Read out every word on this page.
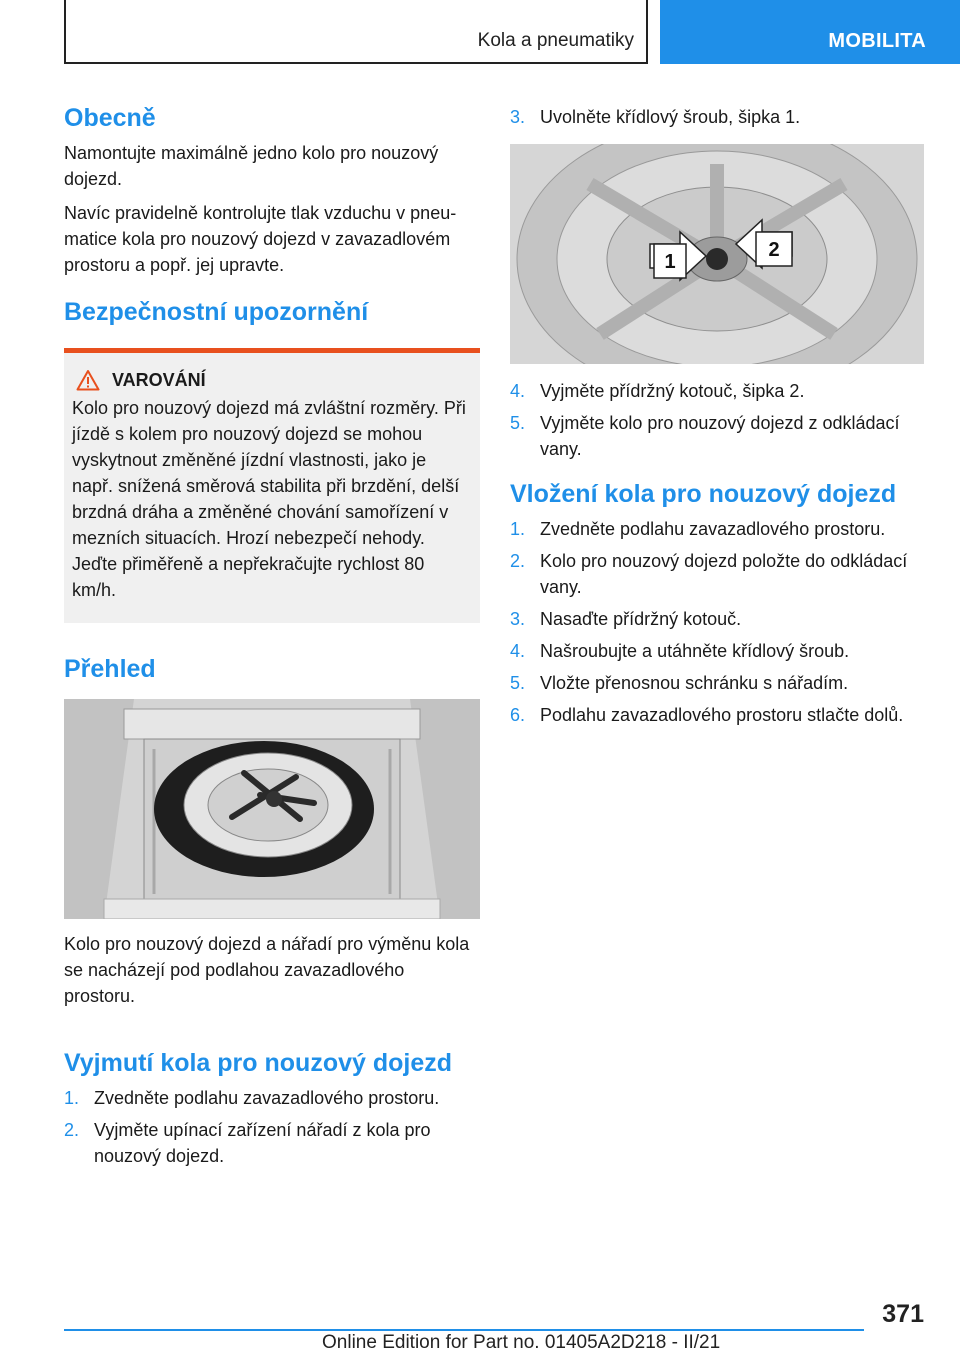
Kola a pneumatiky	MOBILITA
Obecně

Namontujte maximálně jedno kolo pro nouzový dojezd.

Navíc pravidelně kontrolujte tlak vzduchu v pneumatice kola pro nouzový dojezd v zavazadlovém prostoru a popř. jej upravte.

Bezpečnostní upozornění
VAROVÁNÍ

Kolo pro nouzový dojezd má zvláštní rozměry. Při jízdě s kolem pro nouzový dojezd se mohou vyskytnout změněné jízdní vlastnosti, jako je např. snížená směrová stabilita při brzdění, delší brzdná dráha a změněné chování samořízení v mezních situacích. Hrozí nebezpečí nehody. Jeďte přiměřeně a nepřekračujte rychlost 80 km/h.

Přehled

Kolo pro nouzový dojezd a nářadí pro výměnu kola se nacházejí pod podlahou zavazadlového prostoru.

Vyjmutí kola pro nouzový dojezd
1. Zvedněte podlahu zavazadlového prostoru.
2. Vyjměte upínací zařízení nářadí z kola pro nouzový dojezd.
3. Uvolněte křídlový šroub, šipka 1.
1
2
4. Vyjměte přídržný kotouč, šipka 2.
5. Vyjměte kolo pro nouzový dojezd z odkládací vany.
Vložení kola pro nouzový dojezd
1. Zvedněte podlahu zavazadlového prostoru.
2. Kolo pro nouzový dojezd položte do odkládací vany.
3. Nasaďte přídržný kotouč.
4. Našroubujte a utáhněte křídlový šroub.
5. Vložte přenosnou schránku s nářadím.
6. Podlahu zavazadlového prostoru stlačte dolů.
371
Online Edition for Part no. 01405A2D218 - II/21
